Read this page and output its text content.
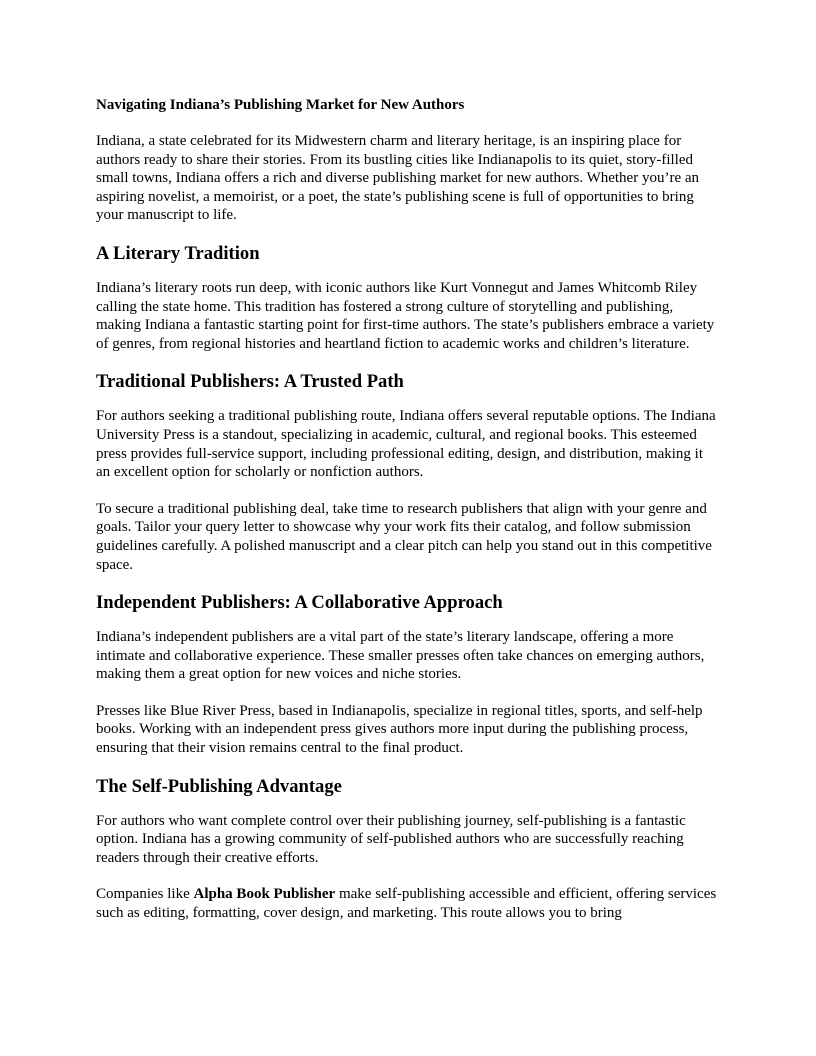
Navigating Indiana’s Publishing Market for New Authors

Indiana, a state celebrated for its Midwestern charm and literary heritage, is an inspiring place for authors ready to share their stories. From its bustling cities like Indianapolis to its quiet, story-filled small towns, Indiana offers a rich and diverse publishing market for new authors. Whether you’re an aspiring novelist, a memoirist, or a poet, the state’s publishing scene is full of opportunities to bring your manuscript to life.

A Literary Tradition

Indiana’s literary roots run deep, with iconic authors like Kurt Vonnegut and James Whitcomb Riley calling the state home. This tradition has fostered a strong culture of storytelling and publishing, making Indiana a fantastic starting point for first-time authors. The state’s publishers embrace a variety of genres, from regional histories and heartland fiction to academic works and children’s literature.

Traditional Publishers: A Trusted Path

For authors seeking a traditional publishing route, Indiana offers several reputable options. The Indiana University Press is a standout, specializing in academic, cultural, and regional books. This esteemed press provides full-service support, including professional editing, design, and distribution, making it an excellent option for scholarly or nonfiction authors.

To secure a traditional publishing deal, take time to research publishers that align with your genre and goals. Tailor your query letter to showcase why your work fits their catalog, and follow submission guidelines carefully. A polished manuscript and a clear pitch can help you stand out in this competitive space.

Independent Publishers: A Collaborative Approach

Indiana’s independent publishers are a vital part of the state’s literary landscape, offering a more intimate and collaborative experience. These smaller presses often take chances on emerging authors, making them a great option for new voices and niche stories.

Presses like Blue River Press, based in Indianapolis, specialize in regional titles, sports, and self-help books. Working with an independent press gives authors more input during the publishing process, ensuring that their vision remains central to the final product.

The Self-Publishing Advantage

For authors who want complete control over their publishing journey, self-publishing is a fantastic option. Indiana has a growing community of self-published authors who are successfully reaching readers through their creative efforts.

Companies like Alpha Book Publisher make self-publishing accessible and efficient, offering services such as editing, formatting, cover design, and marketing. This route allows you to bring
